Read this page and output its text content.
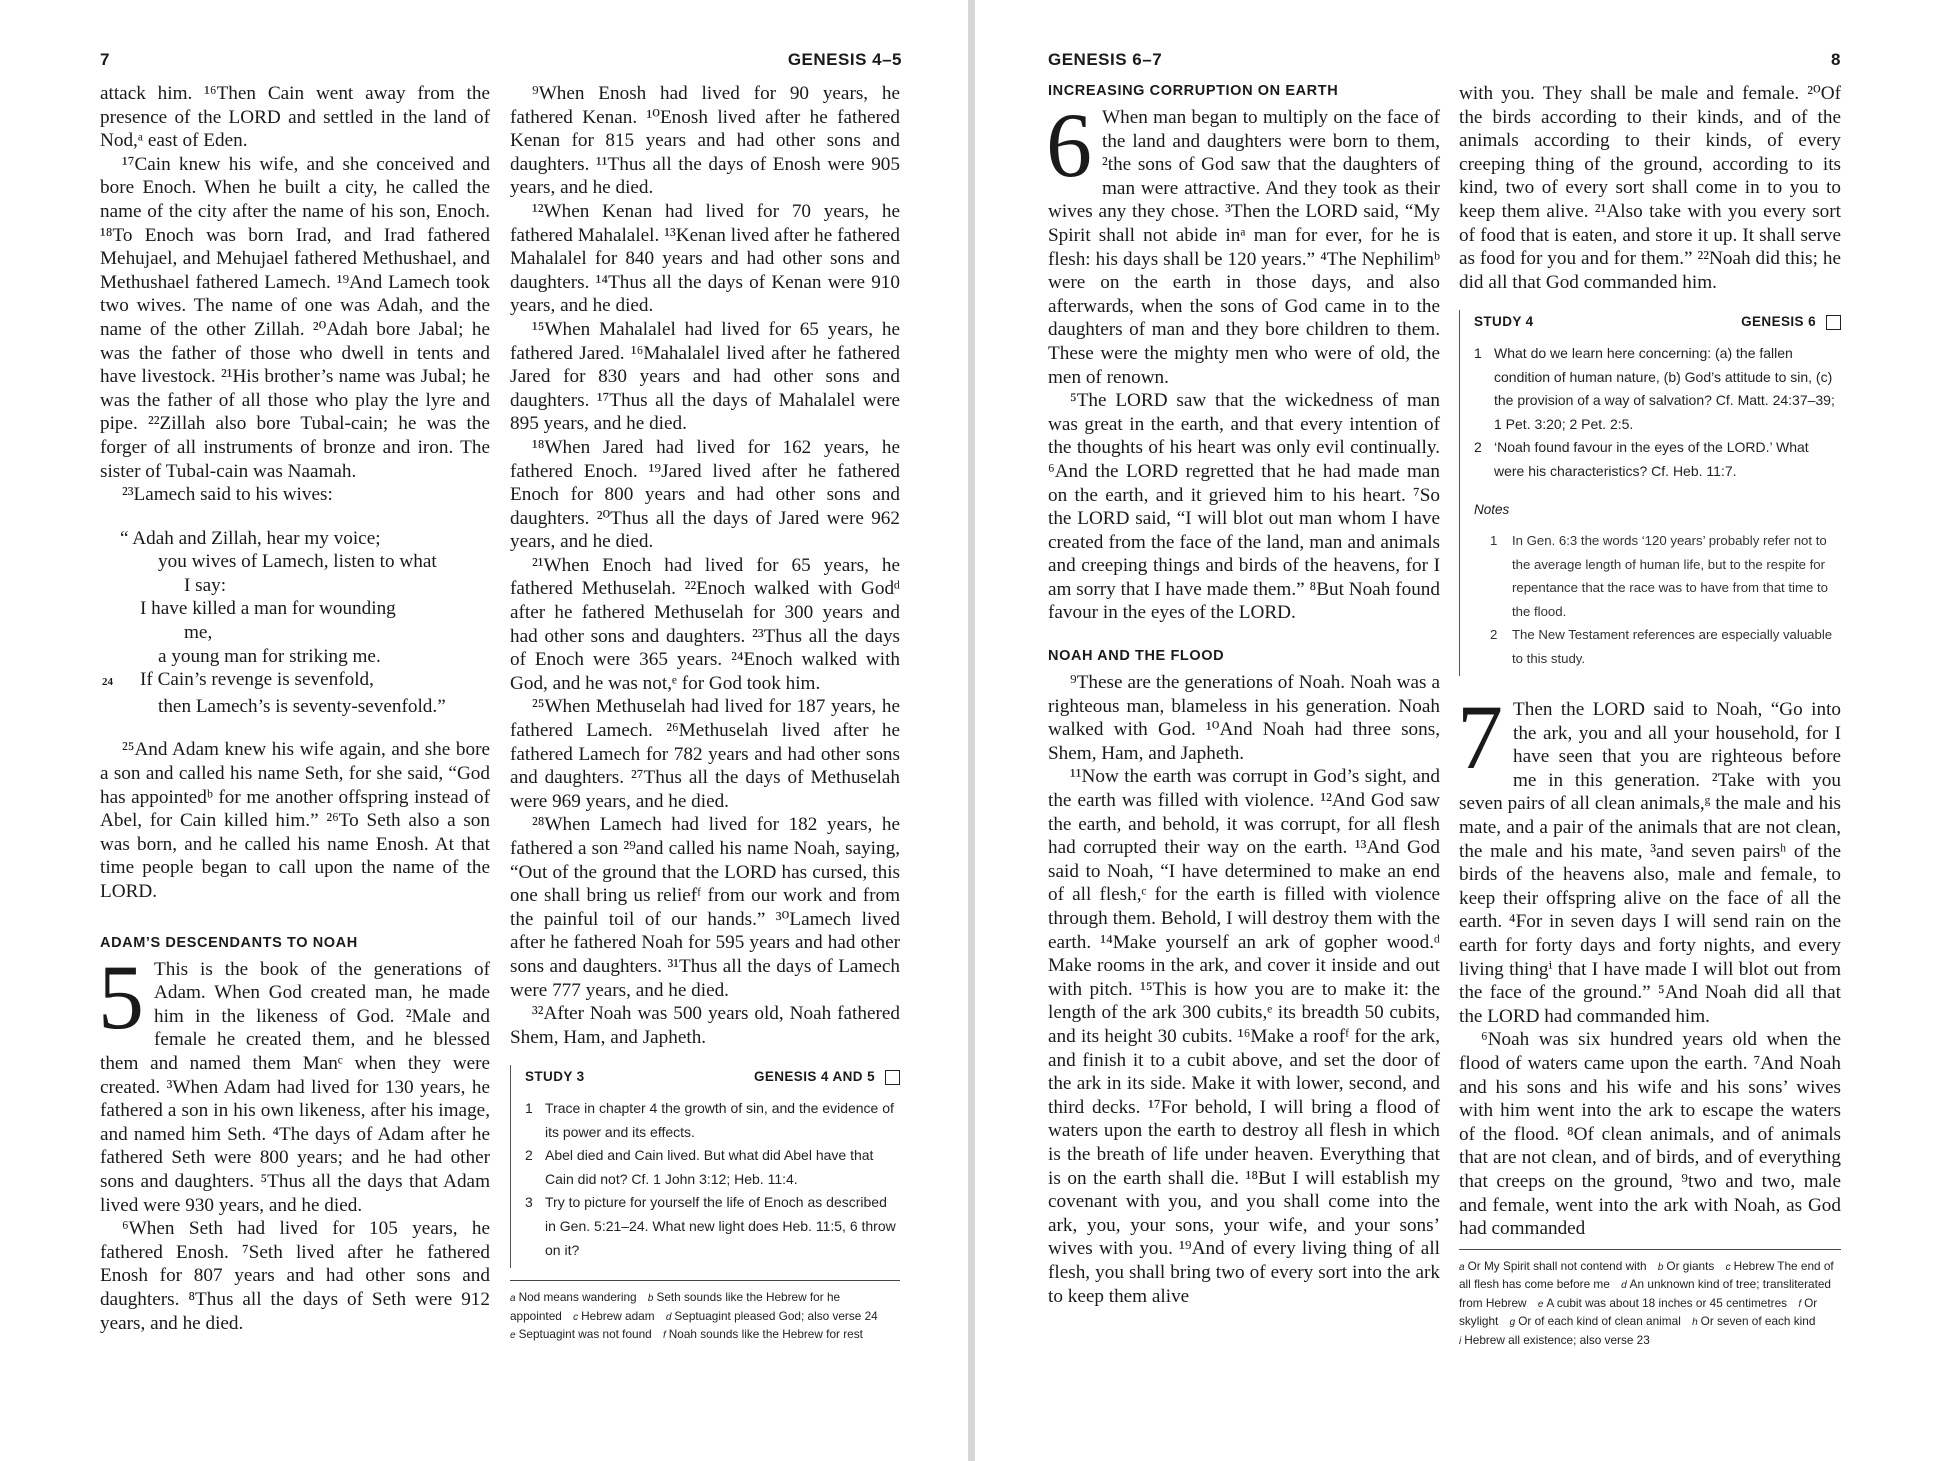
7	GENESIS 4–5

attack him. ¹⁶Then Cain went away from the presence of the LORD and settled in the land of Nod,ᵃ east of Eden.

¹⁷Cain knew his wife, and she conceived and bore Enoch. When he built a city, he called the name of the city after the name of his son, Enoch. ¹⁸To Enoch was born Irad, and Irad fathered Mehujael, and Mehujael fathered Methushael, and Methushael fathered Lamech. ¹⁹And Lamech took two wives. The name of one was Adah, and the name of the other Zillah. ²⁰Adah bore Jabal; he was the father of those who dwell in tents and have livestock. ²¹His brother’s name was Jubal; he was the father of all those who play the lyre and pipe. ²²Zillah also bore Tubal-cain; he was the forger of all instruments of bronze and iron. The sister of Tubal-cain was Naamah.

²³Lamech said to his wives:

“ Adah and Zillah, hear my voice;
you wives of Lamech, listen to what
I say:
I have killed a man for wounding
me,
a young man for striking me.
24 If Cain’s revenge is sevenfold,
then Lamech’s is seventy-sevenfold.”

²⁵And Adam knew his wife again, and she bore a son and called his name Seth, for she said, “God has appointedᵇ for me another offspring instead of Abel, for Cain killed him.” ²⁶To Seth also a son was born, and he called his name Enosh. At that time people began to call upon the name of the LORD.

ADAM’S DESCENDANTS TO NOAH

5 This is the book of the generations of Adam. When God created man, he made him in the likeness of God. ²Male and female he created them, and he blessed them and named them Manᶜ when they were created. ³When Adam had lived for 130 years, he fathered a son in his own likeness, after his image, and named him Seth. ⁴The days of Adam after he fathered Seth were 800 years; and he had other sons and daughters. ⁵Thus all the days that Adam lived were 930 years, and he died.

⁶When Seth had lived for 105 years, he fathered Enosh. ⁷Seth lived after he fathered Enosh for 807 years and had other sons and daughters. ⁸Thus all the days of Seth were 912 years, and he died.

⁹When Enosh had lived for 90 years, he fathered Kenan. ¹⁰Enosh lived after he fathered Kenan for 815 years and had other sons and daughters. ¹¹Thus all the days of Enosh were 905 years, and he died.

¹²When Kenan had lived for 70 years, he fathered Mahalalel. ¹³Kenan lived after he fathered Mahalalel for 840 years and had other sons and daughters. ¹⁴Thus all the days of Kenan were 910 years, and he died.

¹⁵When Mahalalel had lived for 65 years, he fathered Jared. ¹⁶Mahalalel lived after he fathered Jared for 830 years and had other sons and daughters. ¹⁷Thus all the days of Mahalalel were 895 years, and he died.

¹⁸When Jared had lived for 162 years, he fathered Enoch. ¹⁹Jared lived after he fathered Enoch for 800 years and had other sons and daughters. ²⁰Thus all the days of Jared were 962 years, and he died.

²¹When Enoch had lived for 65 years, he fathered Methuselah. ²²Enoch walked with Godᵈ after he fathered Methuselah for 300 years and had other sons and daughters. ²³Thus all the days of Enoch were 365 years. ²⁴Enoch walked with God, and he was not,ᵉ for God took him.

²⁵When Methuselah had lived for 187 years, he fathered Lamech. ²⁶Methuselah lived after he fathered Lamech for 782 years and had other sons and daughters. ²⁷Thus all the days of Methuselah were 969 years, and he died.

²⁸When Lamech had lived for 182 years, he fathered a son ²⁹and called his name Noah, saying, “Out of the ground that the LORD has cursed, this one shall bring us reliefᶠ from our work and from the painful toil of our hands.” ³⁰Lamech lived after he fathered Noah for 595 years and had other sons and daughters. ³¹Thus all the days of Lamech were 777 years, and he died.

³²After Noah was 500 years old, Noah fathered Shem, Ham, and Japheth.

STUDY 3	GENESIS 4 AND 5
1 Trace in chapter 4 the growth of sin, and the evidence of its power and its effects.
2 Abel died and Cain lived. But what did Abel have that Cain did not? Cf. 1 John 3:12; Heb. 11:4.
3 Try to picture for yourself the life of Enoch as described in Gen. 5:21–24. What new light does Heb. 11:5, 6 throw on it?
a Nod means wandering b Seth sounds like the Hebrew for he appointed c Hebrew adam d Septuagint pleased God; also verse 24 e Septuagint was not found f Noah sounds like the Hebrew for rest
GENESIS 6–7	8
INCREASING CORRUPTION ON EARTH

6 When man began to multiply on the face of the land and daughters were born to them, ²the sons of God saw that the daughters of man were attractive. And they took as their wives any they chose. ³Then the LORD said, “My Spirit shall not abide inᵃ man for ever, for he is flesh: his days shall be 120 years.” ⁴The Nephilimᵇ were on the earth in those days, and also afterwards, when the sons of God came in to the daughters of man and they bore children to them. These were the mighty men who were of old, the men of renown.

⁵The LORD saw that the wickedness of man was great in the earth, and that every intention of the thoughts of his heart was only evil continually. ⁶And the LORD regretted that he had made man on the earth, and it grieved him to his heart. ⁷So the LORD said, “I will blot out man whom I have created from the face of the land, man and animals and creeping things and birds of the heavens, for I am sorry that I have made them.” ⁸But Noah found favour in the eyes of the LORD.

NOAH AND THE FLOOD

⁹These are the generations of Noah. Noah was a righteous man, blameless in his generation. Noah walked with God. ¹⁰And Noah had three sons, Shem, Ham, and Japheth.

¹¹Now the earth was corrupt in God’s sight, and the earth was filled with violence. ¹²And God saw the earth, and behold, it was corrupt, for all flesh had corrupted their way on the earth. ¹³And God said to Noah, “I have determined to make an end of all flesh,ᶜ for the earth is filled with violence through them. Behold, I will destroy them with the earth. ¹⁴Make yourself an ark of gopher wood.ᵈ Make rooms in the ark, and cover it inside and out with pitch. ¹⁵This is how you are to make it: the length of the ark 300 cubits,ᵉ its breadth 50 cubits, and its height 30 cubits. ¹⁶Make a roofᶠ for the ark, and finish it to a cubit above, and set the door of the ark in its side. Make it with lower, second, and third decks. ¹⁷For behold, I will bring a flood of waters upon the earth to destroy all flesh in which is the breath of life under heaven. Everything that is on the earth shall die. ¹⁸But I will establish my covenant with you, and you shall come into the ark, you, your sons, your wife, and your sons’ wives with you. ¹⁹And of every living thing of all flesh, you shall bring two of every sort into the ark to keep them alive

with you. They shall be male and female. ²⁰Of the birds according to their kinds, and of the animals according to their kinds, of every creeping thing of the ground, according to its kind, two of every sort shall come in to you to keep them alive. ²¹Also take with you every sort of food that is eaten, and store it up. It shall serve as food for you and for them.” ²²Noah did this; he did all that God commanded him.

STUDY 4	GENESIS 6
1 What do we learn here concerning: (a) the fallen condition of human nature, (b) God’s attitude to sin, (c) the provision of a way of salvation? Cf. Matt. 24:37–39; 1 Pet. 3:20; 2 Pet. 2:5.
2 ‘Noah found favour in the eyes of the LORD.’ What were his characteristics? Cf. Heb. 11:7.
Notes
1	In Gen. 6:3 the words ‘120 years’ probably refer not to the average length of human life, but to the respite for repentance that the race was to have from that time to the flood.
2	The New Testament references are especially valuable to this study.

7 Then the LORD said to Noah, “Go into the ark, you and all your household, for I have seen that you are righteous before me in this generation. ²Take with you seven pairs of all clean animals,ᵍ the male and his mate, and a pair of the animals that are not clean, the male and his mate, ³and seven pairsʰ of the birds of the heavens also, male and female, to keep their offspring alive on the face of all the earth. ⁴For in seven days I will send rain on the earth for forty days and forty nights, and every living thingⁱ that I have made I will blot out from the face of the ground.” ⁵And Noah did all that the LORD had commanded him.

⁶Noah was six hundred years old when the flood of waters came upon the earth. ⁷And Noah and his sons and his wife and his sons’ wives with him went into the ark to escape the waters of the flood. ⁸Of clean animals, and of animals that are not clean, and of birds, and of everything that creeps on the ground, ⁹two and two, male and female, went into the ark with Noah, as God had commanded

a Or My Spirit shall not contend with b Or giants c Hebrew The end of all flesh has come before me d An unknown kind of tree; transliterated from Hebrew e A cubit was about 18 inches or 45 centimetres f Or skylight g Or of each kind of clean animal h Or seven of each kind i Hebrew all existence; also verse 23
